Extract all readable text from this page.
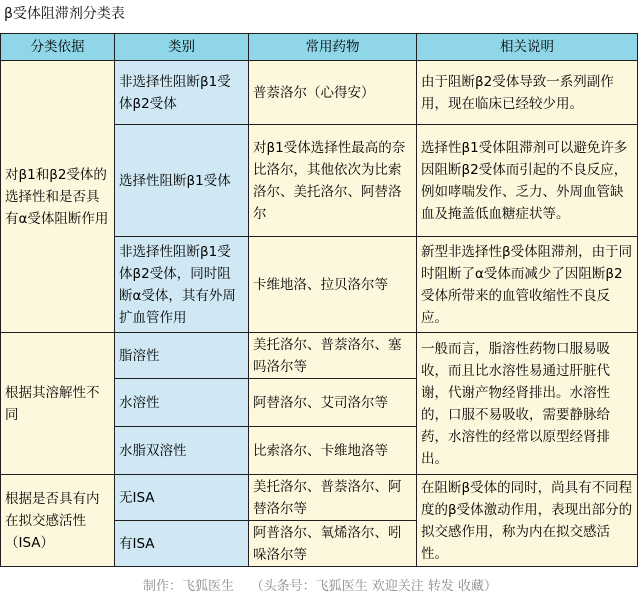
β受体阻滞剂分类表
分类依据	类别	常用药物	相关说明
对β1和β2受体的选择性和是否具有α受体阻断作用	非选择性阻断β1受体β2受体	普萘洛尔（心得安）	由于阻断β2受体导致一系列副作用，现在临床已经较少用。
	选择性阻断β1受体	对β1受体选择性最高的奈比洛尔，其他依次为比索洛尔、美托洛尔、阿替洛尔	选择性β1受体阻滞剂可以避免许多因阻断β2受体而引起的不良反应，例如哮喘发作、乏力、外周血管缺血及掩盖低血糖症状等。
	非选择性阻断β1受体β2受体，同时阻断α受体，其有外周扩血管作用	卡维地洛、拉贝洛尔等	新型非选择性β受体阻滞剂，由于同时阻断了α受体而减少了因阻断β2受体所带来的血管收缩性不良反应。
根据其溶解性不同	脂溶性	美托洛尔、普萘洛尔、塞吗洛尔等	一般而言，脂溶性药物口服易吸收，而且比水溶性易通过肝脏代谢，代谢产物经肾排出。水溶性的，口服不易吸收，需要静脉给药，水溶性的经常以原型经肾排出。
	水溶性	阿替洛尔、艾司洛尔等	
	水脂双溶性	比索洛尔、卡维地洛等	
根据是否具有内在拟交感活性（ISA）	无ISA	美托洛尔、普萘洛尔、阿替洛尔等	在阻断β受体的同时，尚具有不同程度的β受体激动作用，表现出部分的拟交感作用，称为内在拟交感活性。
	有ISA	阿普洛尔、氧烯洛尔、吲哚洛尔等	
制作：飞狐医生 （头条号：飞狐医生 欢迎关注 转发 收藏）
